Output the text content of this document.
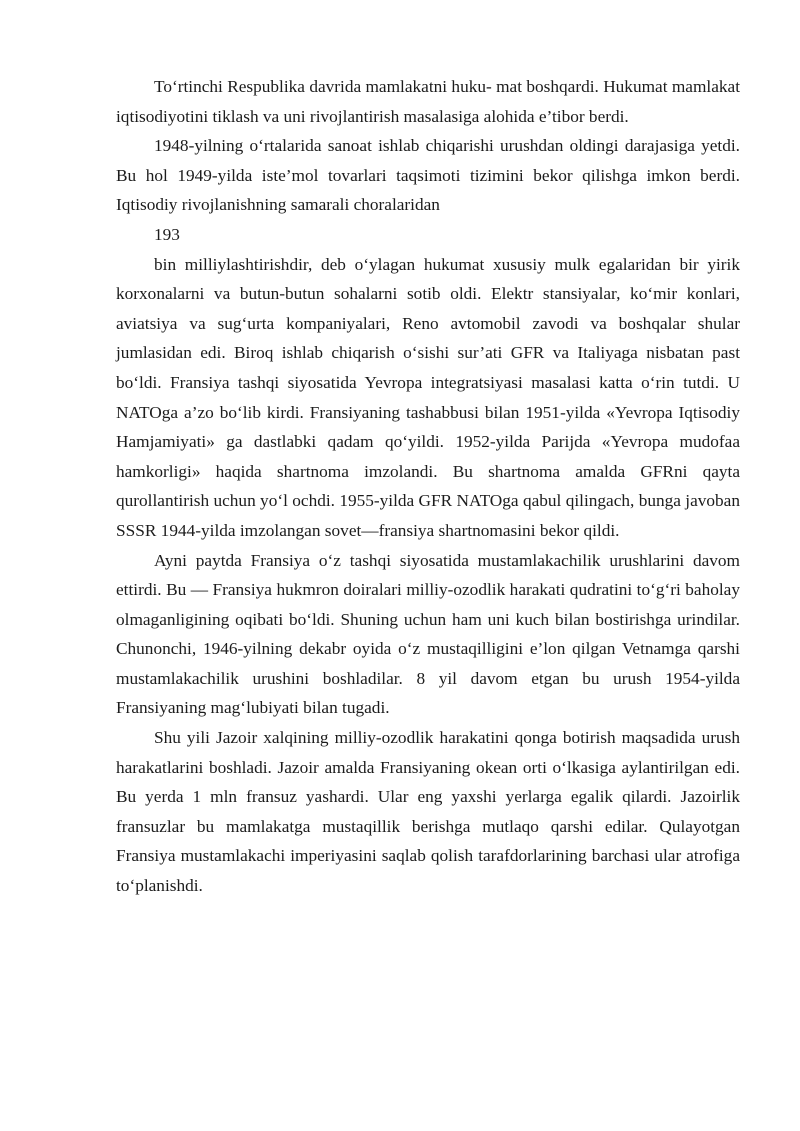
To‘rtinchi Respublika davrida mamlakatni huku- mat boshqardi. Hukumat mamlakat iqtisodiyotini tiklash va uni rivojlantirish masalasiga alohida e’tibor berdi.

1948-yilning o‘rtalarida sanoat ishlab chiqarishi urushdan oldingi darajasiga yetdi. Bu hol 1949-yilda iste’mol tovarlari taqsimoti tizimini bekor qilishga imkon berdi. Iqtisodiy rivojlanishning samarali choralaridan

193

bin milliylashtirishdir, deb o‘ylagan hukumat xususiy mulk egalaridan bir yirik korxonalarni va butun-butun sohalarni sotib oldi. Elektr stansiyalar, ko‘mir konlari, aviatsiya va sug‘urta kompaniyalari, Reno avtomobil zavodi va boshqalar shular jumlasidan edi. Biroq ishlab chiqarish o‘sishi sur’ati GFR va Italiyaga nisbatan past bo‘ldi. Fransiya tashqi siyosatida Yevropa integratsiyasi masalasi katta o‘rin tutdi. U NATOga a’zo bo‘lib kirdi. Fransiyaning tashabbusi bilan 1951-yilda «Yevropa Iqtisodiy Hamjamiyati» ga dastlabki qadam qo‘yildi. 1952-yilda Parijda «Yevropa mudofaa hamkorligi» haqida shartnoma imzolandi. Bu shartnoma amalda GFRni qayta qurollantirish uchun yo‘l ochdi. 1955-yilda GFR NATOga qabul qilingach, bunga javoban SSSR 1944-yilda imzolangan sovet—fransiya shartnomasini bekor qildi.

Ayni paytda Fransiya o‘z tashqi siyosatida mustamlakachilik urushlarini davom ettirdi. Bu — Fransiya hukmron doiralari milliy-ozodlik harakati qudratini to‘g‘ri baholay olmaganligining oqibati bo‘ldi. Shuning uchun ham uni kuch bilan bostirishga urindilar. Chunonchi, 1946-yilning dekabr oyida o‘z mustaqilligini e’lon qilgan Vetnamga qarshi mustamlakachilik urushini boshladilar. 8 yil davom etgan bu urush 1954-yilda Fransiyaning mag‘lubiyati bilan tugadi.

Shu yili Jazoir xalqining milliy-ozodlik harakatini qonga botirish maqsadida urush harakatlarini boshladi. Jazoir amalda Fransiyaning okean orti o‘lkasiga aylantirilgan edi. Bu yerda 1 mln fransuz yashardi. Ular eng yaxshi yerlarga egalik qilardi. Jazoirlik fransuzlar bu mamlakatga mustaqillik berishga mutlaqo qarshi edilar. Qulayotgan Fransiya mustamlakachi imperiyasini saqlab qolish tarafdorlarining barchasi ular atrofiga to‘planishdi.
